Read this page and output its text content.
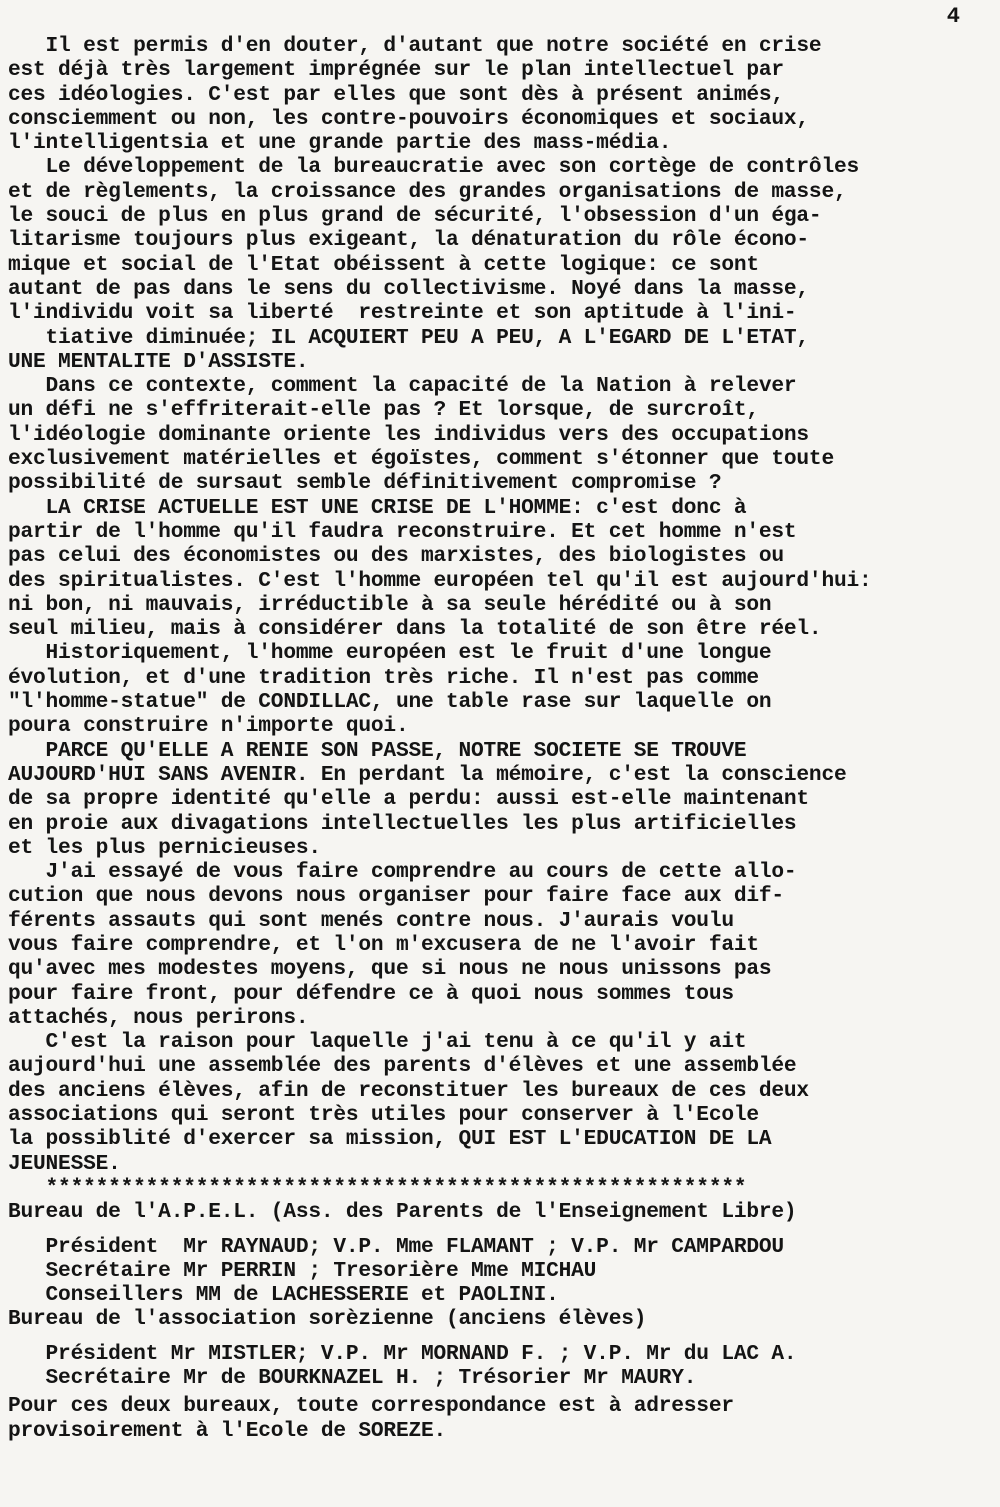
4
Il est permis d'en douter, d'autant que notre société en crise
est déjà très largement imprégnée sur le plan intellectuel par
ces idéologies. C'est par elles que sont dès à présent animés,
consciemment ou non, les contre-pouvoirs économiques et sociaux,
l'intelligentsia et une grande partie des mass-média.
Le développement de la bureaucratie avec son cortège de contrôles
et de règlements, la croissance des grandes organisations de masse,
le souci de plus en plus grand de sécurité, l'obsession d'un éga-
litarisme toujours plus exigeant, la dénaturation du rôle écono-
mique et social de l'Etat obéissent à cette logique: ce sont
autant de pas dans le sens du collectivisme. Noyé dans la masse,
l'individu voit sa liberté  restreinte et son aptitude à l'ini-
tiative diminuée; IL ACQUIERT PEU A PEU, A L'EGARD DE L'ETAT,
UNE MENTALITE D'ASSISTE.
Dans ce contexte, comment la capacité de la Nation à relever
un défi ne s'effriterait-elle pas ? Et lorsque, de surcroît,
l'idéologie dominante oriente les individus vers des occupations
exclusivement matérielles et égoïstes, comment s'étonner que toute
possibilité de sursaut semble définitivement compromise ?
LA CRISE ACTUELLE EST UNE CRISE DE L'HOMME: c'est donc à
partir de l'homme qu'il faudra reconstruire. Et cet homme n'est
pas celui des économistes ou des marxistes, des biologistes ou
des spiritualistes. C'est l'homme européen tel qu'il est aujourd'hui:
ni bon, ni mauvais, irréductible à sa seule hérédité ou à son
seul milieu, mais à considérer dans la totalité de son être réel.
Historiquement, l'homme européen est le fruit d'une longue
évolution, et d'une tradition très riche. Il n'est pas comme
"l'homme-statue" de CONDILLAC, une table rase sur laquelle on
poura construire n'importe quoi.
PARCE QU'ELLE A RENIE SON PASSE, NOTRE SOCIETE SE TROUVE
AUJOURD'HUI SANS AVENIR. En perdant la mémoire, c'est la conscience
de sa propre identité qu'elle a perdu: aussi est-elle maintenant
en proie aux divagations intellectuelles les plus artificielles
et les plus pernicieuses.
J'ai essayé de vous faire comprendre au cours de cette allo-
cution que nous devons nous organiser pour faire face aux dif-
férents assauts qui sont menés contre nous. J'aurais voulu
vous faire comprendre, et l'on m'excusera de ne l'avoir fait
qu'avec mes modestes moyens, que si nous ne nous unissons pas
pour faire front, pour défendre ce à quoi nous sommes tous
attachés, nous perirons.
C'est la raison pour laquelle j'ai tenu à ce qu'il y ait
aujourd'hui une assemblée des parents d'élèves et une assemblée
des anciens élèves, afin de reconstituer les bureaux de ces deux
associations qui seront très utiles pour conserver à l'Ecole
la possiblité d'exercer sa mission, QUI EST L'EDUCATION DE LA
JEUNESSE.
********************************************************
Bureau de l'A.P.E.L. (Ass. des Parents de l'Enseignement Libre)
Président  Mr RAYNAUD; V.P. Mme FLAMANT ; V.P. Mr CAMPARDOU
Secrétaire Mr PERRIN ; Tresorière Mme MICHAU
Conseillers MM de LACHESSERIE et PAOLINI.
Bureau de l'association sorèzienne (anciens élèves)
Président Mr MISTLER; V.P. Mr MORNAND F. ; V.P. Mr du LAC A.
Secrétaire Mr de BOURKNAZEL H. ; Trésorier Mr MAURY.
Pour ces deux bureaux, toute correspondance est à adresser
provisoirement à l'Ecole de SOREZE.
